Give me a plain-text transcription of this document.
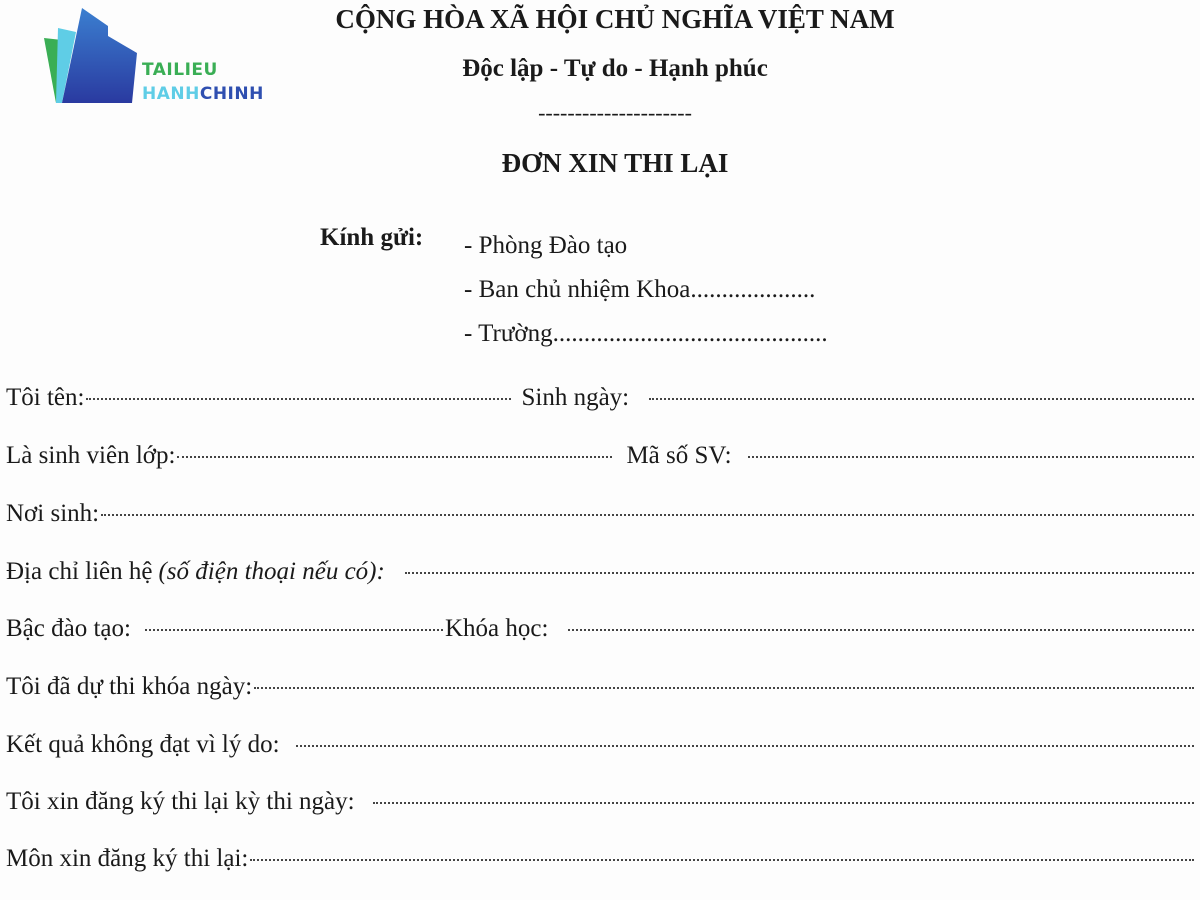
TAILIEU
HANHCHINH
CỘNG HÒA XÃ HỘI CHỦ NGHĨA VIỆT NAM
Độc lập - Tự do - Hạnh phúc
---------------------
ĐƠN XIN THI LẠI
Kính gửi: - Phòng Đào tạo
- Ban chủ nhiệm Khoa....................
- Trường............................................
Tôi tên:	Sinh ngày:
Là sinh viên lớp:	Mã số SV:
Nơi sinh:
Địa chỉ liên hệ (số điện thoại nếu có):
Bậc đào tạo:	Khóa học:
Tôi đã dự thi khóa ngày:
Kết quả không đạt vì lý do:
Tôi xin đăng ký thi lại kỳ thi ngày:
Môn xin đăng ký thi lại:
